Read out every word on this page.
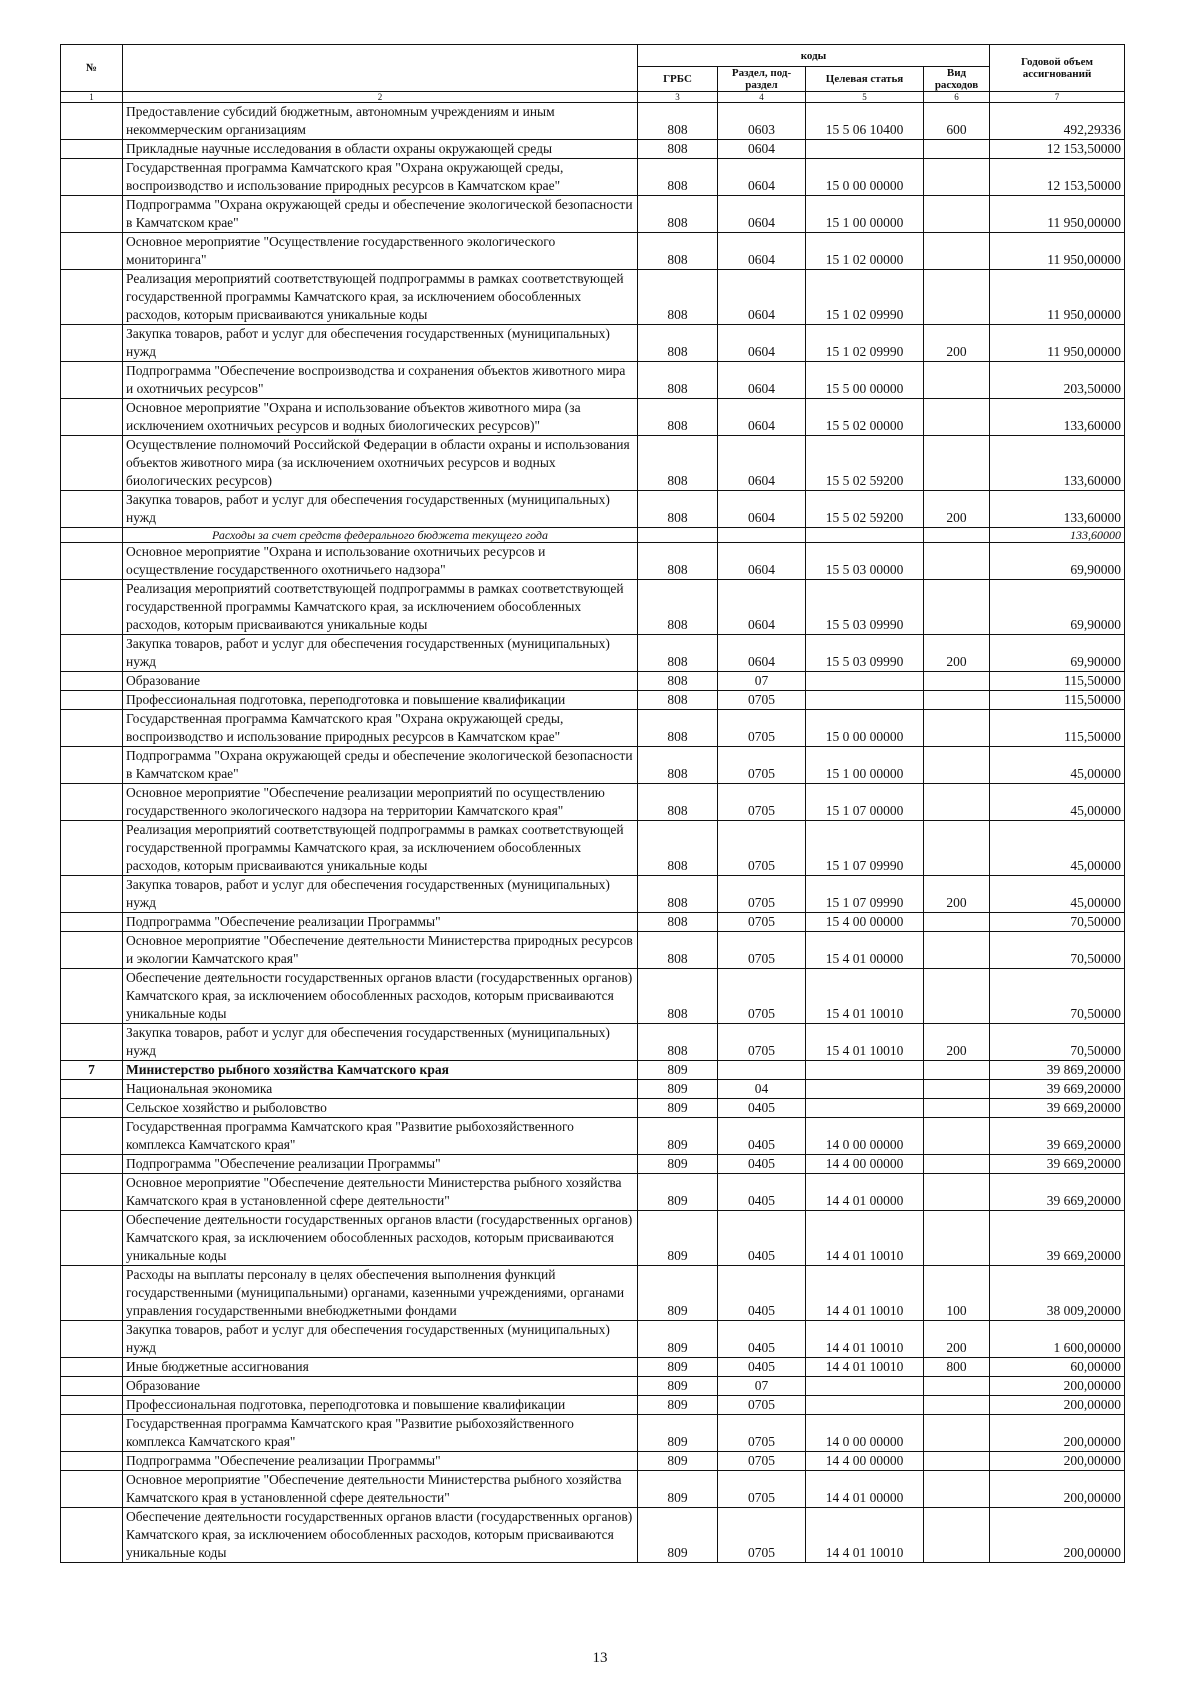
№		коды				Годовой объем ассигнований
		ГРБС	Раздел, под-раздел	Целевая статья	Вид расходов	
1	2	3	4	5	6	7
	Предоставление субсидий бюджетным, автономным учреждениям и иным некоммерческим организациям	808	0603	15 5 06 10400	600	492,29336
	Прикладные научные исследования в области охраны окружающей среды	808	0604			12 153,50000
	Государственная программа Камчатского края "Охрана окружающей среды, воспроизводство и использование природных ресурсов в Камчатском крае"	808	0604	15 0 00 00000		12 153,50000
	Подпрограмма "Охрана окружающей среды и обеспечение экологической безопасности в Камчатском крае"	808	0604	15 1 00 00000		11 950,00000
	Основное мероприятие "Осуществление государственного экологического мониторинга"	808	0604	15 1 02 00000		11 950,00000
	Реализация мероприятий соответствующей подпрограммы в рамках соответствующей государственной программы Камчатского края, за исключением обособленных расходов, которым присваиваются уникальные коды	808	0604	15 1 02 09990		11 950,00000
	Закупка товаров, работ и услуг для обеспечения государственных (муниципальных) нужд	808	0604	15 1 02 09990	200	11 950,00000
	Подпрограмма "Обеспечение воспроизводства и сохранения объектов животного мира и охотничьих ресурсов"	808	0604	15 5 00 00000		203,50000
	Основное мероприятие "Охрана и использование объектов животного мира (за исключением охотничьих ресурсов и водных биологических ресурсов)"	808	0604	15 5 02 00000		133,60000
	Осуществление полномочий Российской Федерации в области охраны и использования объектов животного мира (за исключением охотничьих ресурсов и водных биологических ресурсов)	808	0604	15 5 02 59200		133,60000
	Закупка товаров, работ и услуг для обеспечения государственных (муниципальных) нужд	808	0604	15 5 02 59200	200	133,60000
	Расходы за счет средств федерального бюджета текущего года					133,60000
	Основное мероприятие "Охрана и использование охотничьих ресурсов и осуществление государственного охотничьего надзора"	808	0604	15 5 03 00000		69,90000
	Реализация мероприятий соответствующей подпрограммы в рамках соответствующей государственной программы Камчатского края, за исключением обособленных расходов, которым присваиваются уникальные коды	808	0604	15 5 03 09990		69,90000
	Закупка товаров, работ и услуг для обеспечения государственных (муниципальных) нужд	808	0604	15 5 03 09990	200	69,90000
	Образование	808	07			115,50000
	Профессиональная подготовка, переподготовка и повышение квалификации	808	0705			115,50000
	Государственная программа Камчатского края "Охрана окружающей среды, воспроизводство и использование природных ресурсов в Камчатском крае"	808	0705	15 0 00 00000		115,50000
	Подпрограмма "Охрана окружающей среды и обеспечение экологической безопасности в Камчатском крае"	808	0705	15 1 00 00000		45,00000
	Основное мероприятие "Обеспечение реализации мероприятий по осуществлению государственного экологического надзора на территории Камчатского края"	808	0705	15 1 07 00000		45,00000
	Реализация мероприятий соответствующей подпрограммы в рамках соответствующей государственной программы Камчатского края, за исключением обособленных расходов, которым присваиваются уникальные коды	808	0705	15 1 07 09990		45,00000
	Закупка товаров, работ и услуг для обеспечения государственных (муниципальных) нужд	808	0705	15 1 07 09990	200	45,00000
	Подпрограмма "Обеспечение реализации Программы"	808	0705	15 4 00 00000		70,50000
	Основное мероприятие "Обеспечение деятельности Министерства природных ресурсов и экологии Камчатского края"	808	0705	15 4 01 00000		70,50000
	Обеспечение деятельности государственных органов власти (государственных органов) Камчатского края, за исключением обособленных расходов, которым присваиваются уникальные коды	808	0705	15 4 01 10010		70,50000
	Закупка товаров, работ и услуг для обеспечения государственных (муниципальных) нужд	808	0705	15 4 01 10010	200	70,50000
7	Министерство рыбного хозяйства Камчатского края	809				39 869,20000
	Национальная экономика	809	04			39 669,20000
	Сельское хозяйство и рыболовство	809	0405			39 669,20000
	Государственная программа Камчатского края "Развитие рыбохозяйственного комплекса Камчатского края"	809	0405	14 0 00 00000		39 669,20000
	Подпрограмма "Обеспечение реализации Программы"	809	0405	14 4 00 00000		39 669,20000
	Основное мероприятие "Обеспечение деятельности Министерства рыбного хозяйства Камчатского края в установленной сфере деятельности"	809	0405	14 4 01 00000		39 669,20000
	Обеспечение деятельности государственных органов власти (государственных органов) Камчатского края, за исключением обособленных расходов, которым присваиваются уникальные коды	809	0405	14 4 01 10010		39 669,20000
	Расходы на выплаты персоналу в целях обеспечения выполнения функций государственными (муниципальными) органами, казенными учреждениями, органами управления государственными внебюджетными фондами	809	0405	14 4 01 10010	100	38 009,20000
	Закупка товаров, работ и услуг для обеспечения государственных (муниципальных) нужд	809	0405	14 4 01 10010	200	1 600,00000
	Иные бюджетные ассигнования	809	0405	14 4 01 10010	800	60,00000
	Образование	809	07			200,00000
	Профессиональная подготовка, переподготовка и повышение квалификации	809	0705			200,00000
	Государственная программа Камчатского края "Развитие рыбохозяйственного комплекса Камчатского края"	809	0705	14 0 00 00000		200,00000
	Подпрограмма "Обеспечение реализации Программы"	809	0705	14 4 00 00000		200,00000
	Основное мероприятие "Обеспечение деятельности Министерства рыбного хозяйства Камчатского края в установленной сфере деятельности"	809	0705	14 4 01 00000		200,00000
	Обеспечение деятельности государственных органов власти (государственных органов) Камчатского края, за исключением обособленных расходов, которым присваиваются уникальные коды	809	0705	14 4 01 10010		200,00000
13
